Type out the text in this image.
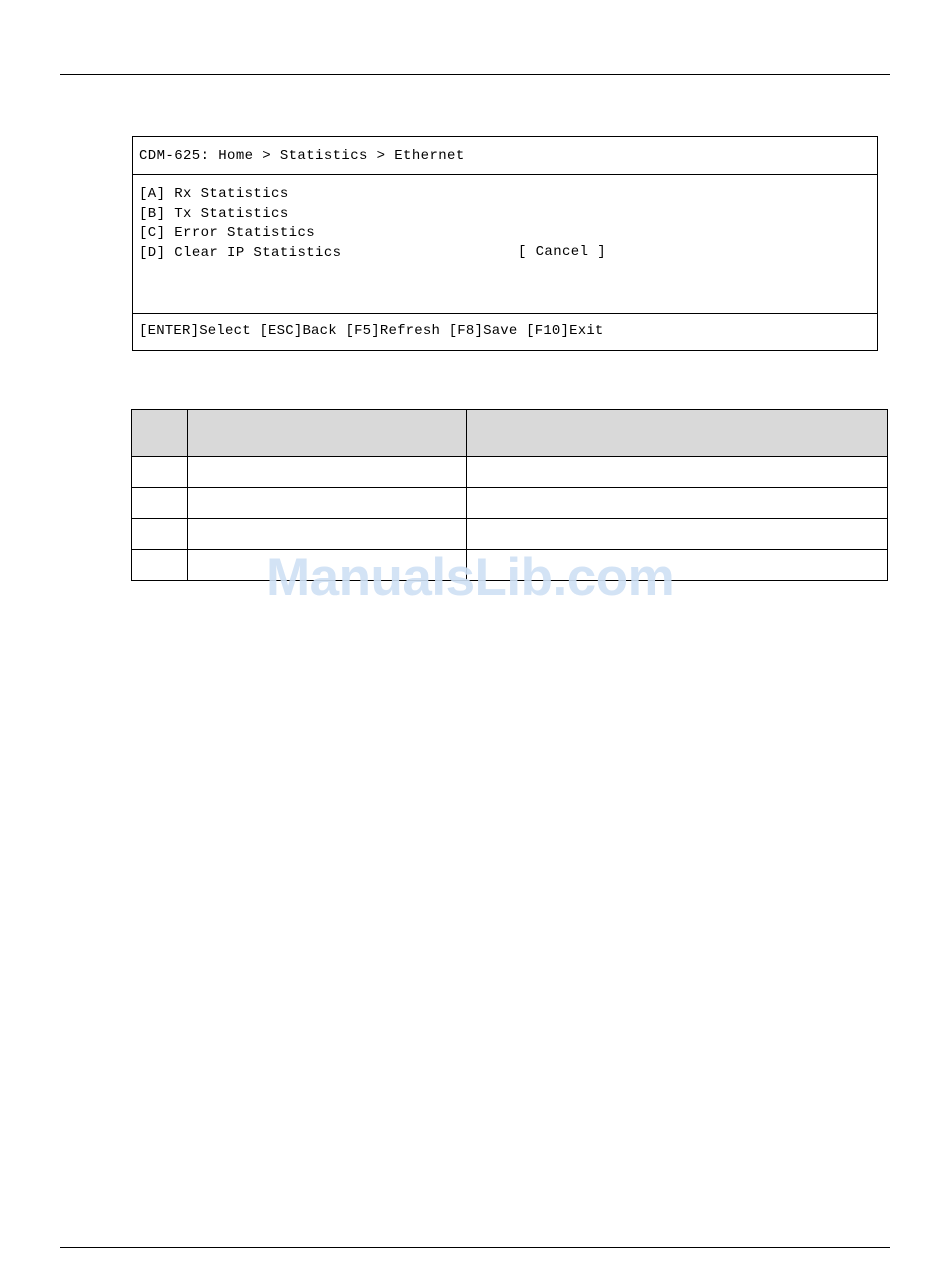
CDM-625: Home > Statistics > Ethernet
[A] Rx Statistics
[B] Tx Statistics
[C] Error Statistics
[D] Clear IP Statistics	[ Cancel ]
[ENTER]Select [ESC]Back [F5]Refresh [F8]Save [F10]Exit

ManualsLib.com
